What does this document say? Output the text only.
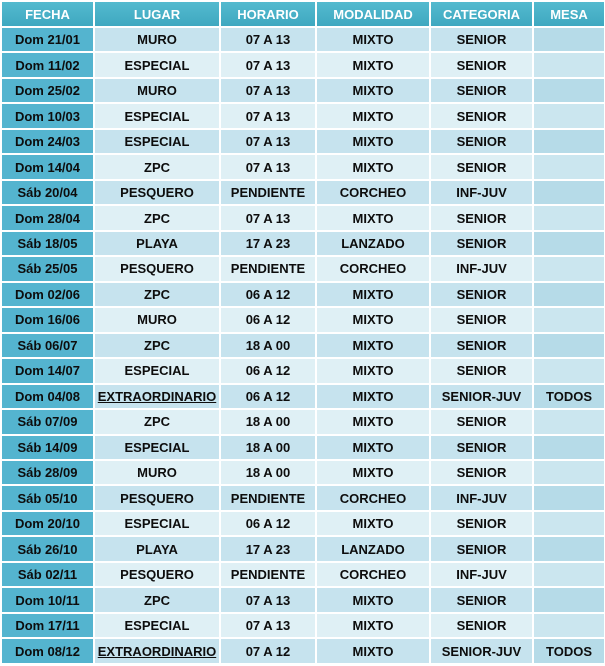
FECHA	LUGAR	HORARIO	MODALIDAD	CATEGORIA	MESA
Dom 21/01	MURO	07 A 13	MIXTO	SENIOR	
Dom 11/02	ESPECIAL	07 A 13	MIXTO	SENIOR	
Dom 25/02	MURO	07 A 13	MIXTO	SENIOR	
Dom 10/03	ESPECIAL	07 A 13	MIXTO	SENIOR	
Dom 24/03	ESPECIAL	07 A 13	MIXTO	SENIOR	
Dom 14/04	ZPC	07 A 13	MIXTO	SENIOR	
Sáb 20/04	PESQUERO	PENDIENTE	CORCHEO	INF-JUV	
Dom 28/04	ZPC	07 A 13	MIXTO	SENIOR	
Sáb 18/05	PLAYA	17 A 23	LANZADO	SENIOR	
Sáb 25/05	PESQUERO	PENDIENTE	CORCHEO	INF-JUV	
Dom 02/06	ZPC	06 A 12	MIXTO	SENIOR	
Dom 16/06	MURO	06 A 12	MIXTO	SENIOR	
Sáb 06/07	ZPC	18 A 00	MIXTO	SENIOR	
Dom 14/07	ESPECIAL	06 A 12	MIXTO	SENIOR	
Dom 04/08	EXTRAORDINARIO	06 A 12	MIXTO	SENIOR-JUV	TODOS
Sáb 07/09	ZPC	18 A 00	MIXTO	SENIOR	
Sáb 14/09	ESPECIAL	18 A 00	MIXTO	SENIOR	
Sáb 28/09	MURO	18 A 00	MIXTO	SENIOR	
Sáb 05/10	PESQUERO	PENDIENTE	CORCHEO	INF-JUV	
Dom 20/10	ESPECIAL	06 A 12	MIXTO	SENIOR	
Sáb 26/10	PLAYA	17 A 23	LANZADO	SENIOR	
Sáb 02/11	PESQUERO	PENDIENTE	CORCHEO	INF-JUV	
Dom 10/11	ZPC	07 A 13	MIXTO	SENIOR	
Dom 17/11	ESPECIAL	07 A 13	MIXTO	SENIOR	
Dom 08/12	EXTRAORDINARIO	07 A 12	MIXTO	SENIOR-JUV	TODOS
